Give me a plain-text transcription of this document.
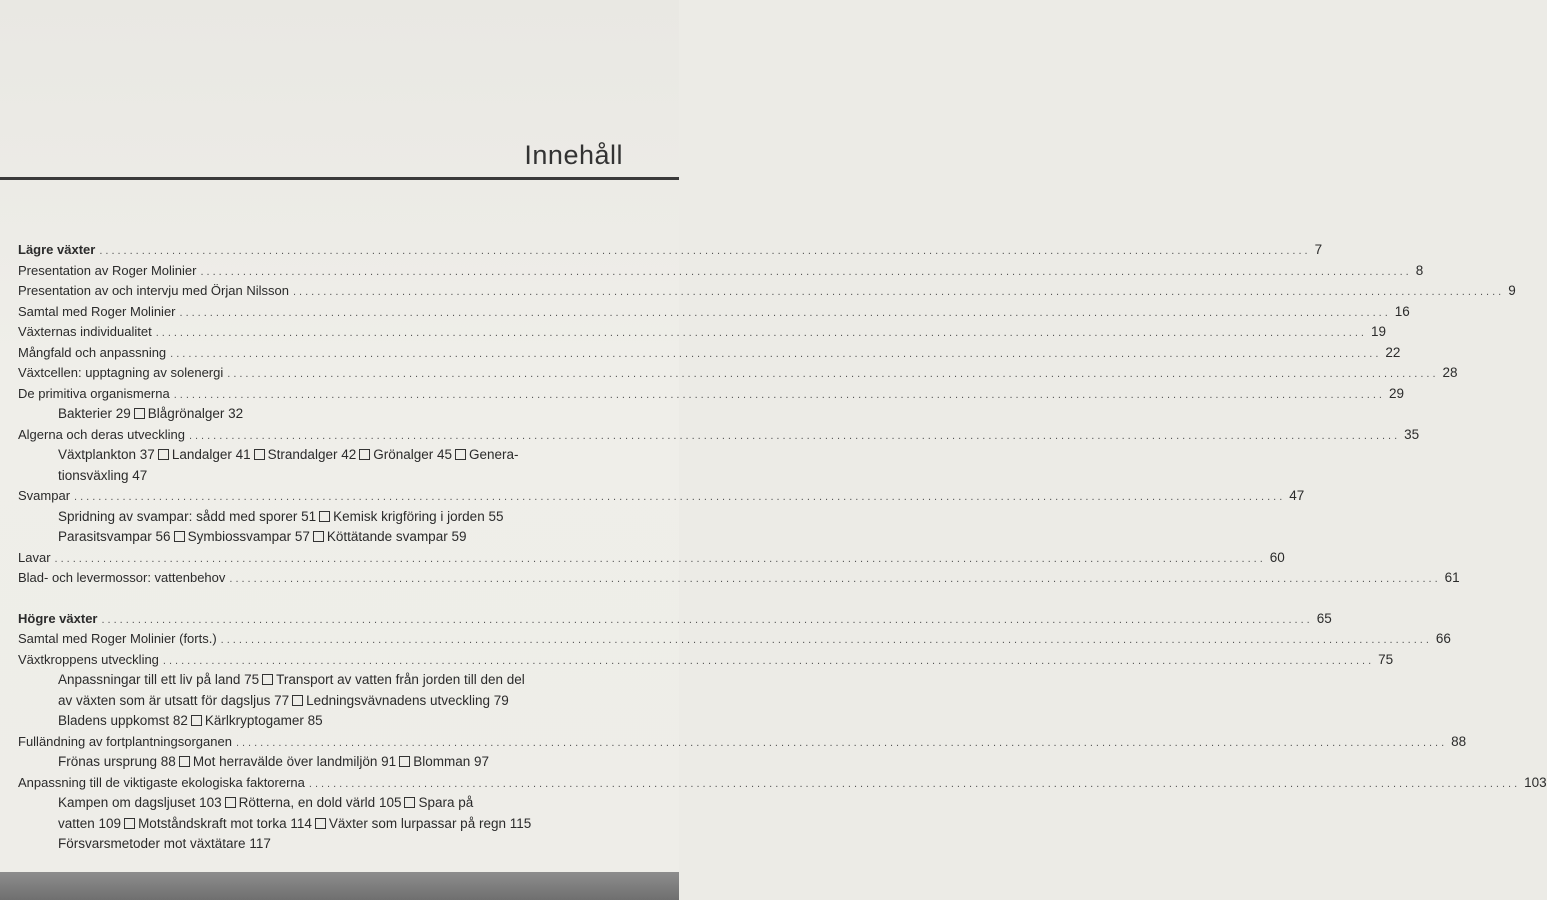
Innehåll
Lägre växter ........................................................................................................................................................................................................ 7
Presentation av Roger Molinier ........................................................................................................................................................................................................ 8
Presentation av och intervju med Örjan Nilsson ........................................................................................................................................................................................................ 9
Samtal med Roger Molinier ........................................................................................................................................................................................................ 16
Växternas individualitet ........................................................................................................................................................................................................ 19
Mångfald och anpassning ........................................................................................................................................................................................................ 22
Växtcellen: upptagning av solenergi ........................................................................................................................................................................................................ 28
De primitiva organismerna ........................................................................................................................................................................................................ 29
Bakterier 29 Blågrönalger 32
Algerna och deras utveckling ........................................................................................................................................................................................................ 35
Växtplankton 37 Landalger 41 Strandalger 42 Grönalger 45 Genera-
tionsväxling 47
Svampar ........................................................................................................................................................................................................ 47
Spridning av svampar: sådd med sporer 51 Kemisk krigföring i jorden 55
Parasitsvampar 56 Symbiossvampar 57 Köttätande svampar 59
Lavar ........................................................................................................................................................................................................ 60
Blad- och levermossor: vattenbehov ........................................................................................................................................................................................................ 61
Högre växter ........................................................................................................................................................................................................ 65
Samtal med Roger Molinier (forts.) ........................................................................................................................................................................................................ 66
Växtkroppens utveckling ........................................................................................................................................................................................................ 75
Anpassningar till ett liv på land 75 Transport av vatten från jorden till den del
av växten som är utsatt för dagsljus 77 Ledningsvävnadens utveckling 79
Bladens uppkomst 82 Kärlkryptogamer 85
Fulländning av fortplantningsorganen ........................................................................................................................................................................................................ 88
Frönas ursprung 88 Mot herravälde över landmiljön 91 Blomman 97
Anpassning till de viktigaste ekologiska faktorerna ........................................................................................................................................................................................................ 103
Kampen om dagsljuset 103 Rötterna, en dold värld 105 Spara på
vatten 109 Motståndskraft mot torka 114 Växter som lurpassar på regn 115
Försvarsmetoder mot växtätare 117
